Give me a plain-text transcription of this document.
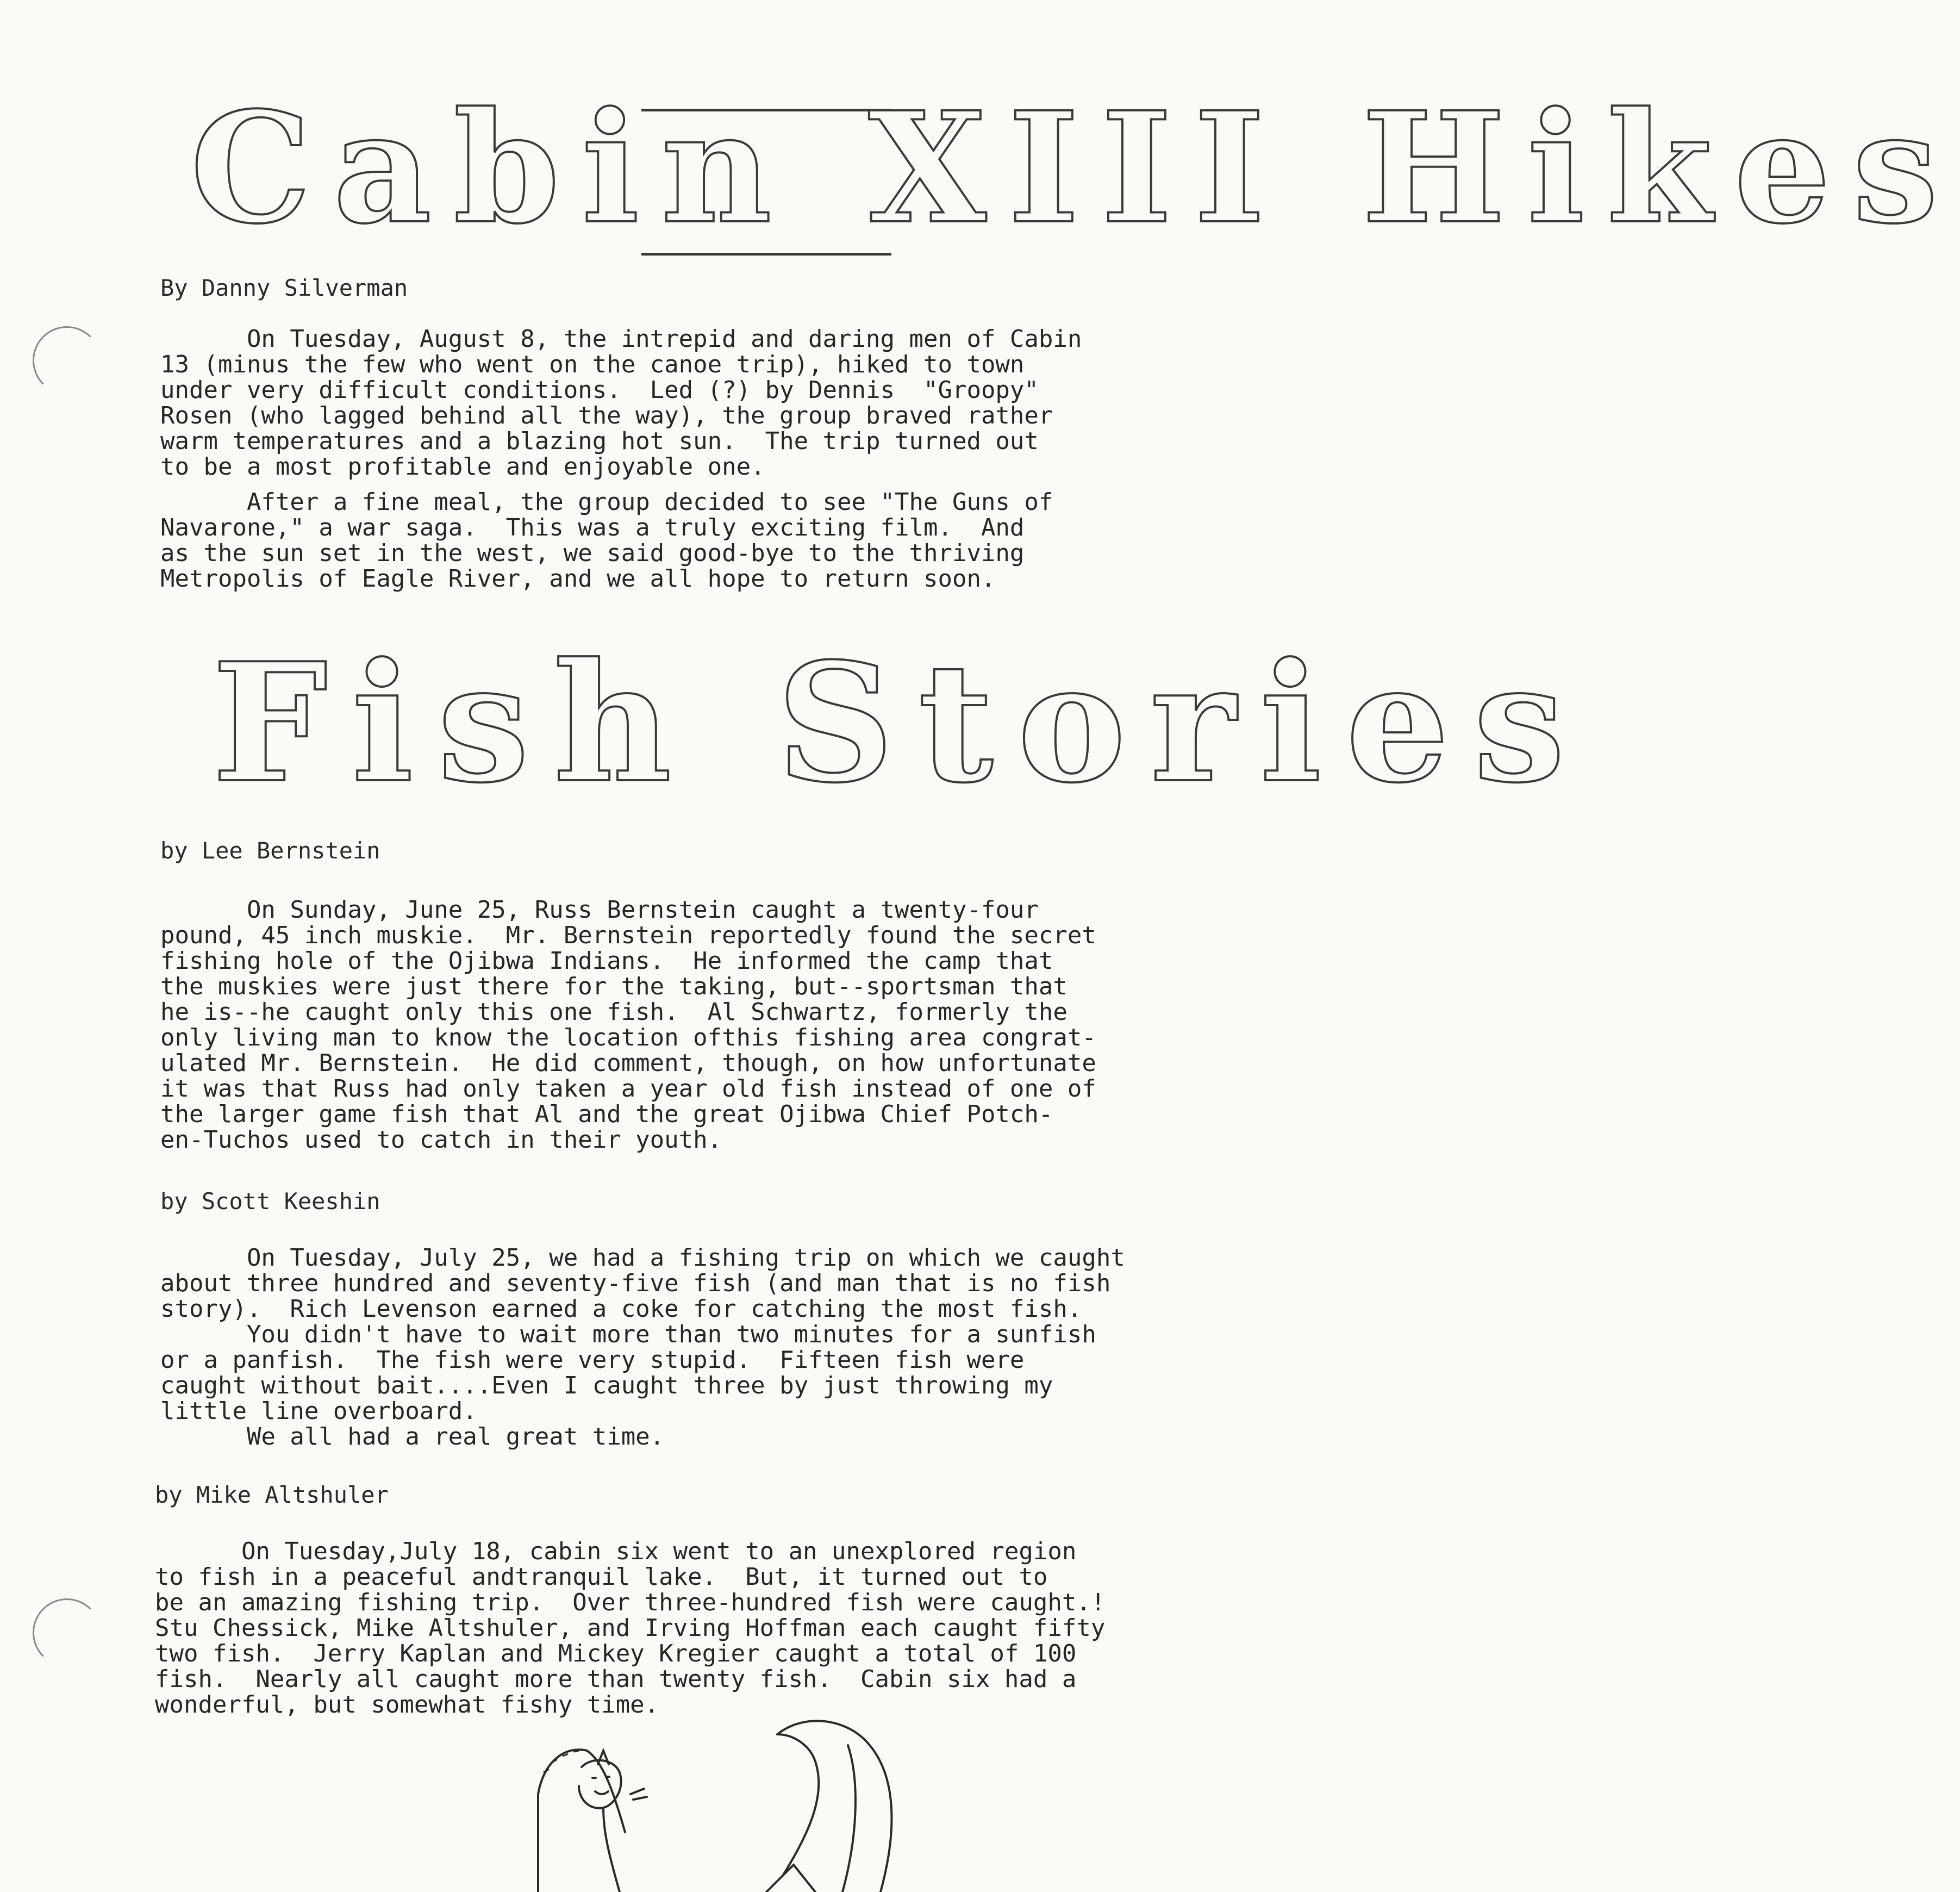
Cabin XIII Hikes
By Danny Silverman
On Tuesday, August 8, the intrepid and daring men of Cabin
13 (minus the few who went on the canoe trip), hiked to town
under very difficult conditions.  Led (?) by Dennis  "Groopy"
Rosen (who lagged behind all the way), the group braved rather
warm temperatures and a blazing hot sun.  The trip turned out
to be a most profitable and enjoyable one.
After a fine meal, the group decided to see "The Guns of
Navarone," a war saga.  This was a truly exciting film.  And
as the sun set in the west, we said good-bye to the thriving
Metropolis of Eagle River, and we all hope to return soon.
Fish Stories
by Lee Bernstein
On Sunday, June 25, Russ Bernstein caught a twenty-four
pound, 45 inch muskie.  Mr. Bernstein reportedly found the secret
fishing hole of the Ojibwa Indians.  He informed the camp that
the muskies were just there for the taking, but--sportsman that
he is--he caught only this one fish.  Al Schwartz, formerly the
only living man to know the location ofthis fishing area congrat-
ulated Mr. Bernstein.  He did comment, though, on how unfortunate
it was that Russ had only taken a year old fish instead of one of
the larger game fish that Al and the great Ojibwa Chief Potch-
en-Tuchos used to catch in their youth.
by Scott Keeshin
On Tuesday, July 25, we had a fishing trip on which we caught
about three hundred and seventy-five fish (and man that is no fish
story).  Rich Levenson earned a coke for catching the most fish.
You didn't have to wait more than two minutes for a sunfish
or a panfish.  The fish were very stupid.  Fifteen fish were
caught without bait....Even I caught three by just throwing my
little line overboard.
We all had a real great time.
by Mike Altshuler
On Tuesday,July 18, cabin six went to an unexplored region
to fish in a peaceful andtranquil lake.  But, it turned out to
be an amazing fishing trip.  Over three-hundred fish were caught.!
Stu Chessick, Mike Altshuler, and Irving Hoffman each caught fifty
two fish.  Jerry Kaplan and Mickey Kregier caught a total of 100
fish.  Nearly all caught more than twenty fish.  Cabin six had a
wonderful, but somewhat fishy time.
